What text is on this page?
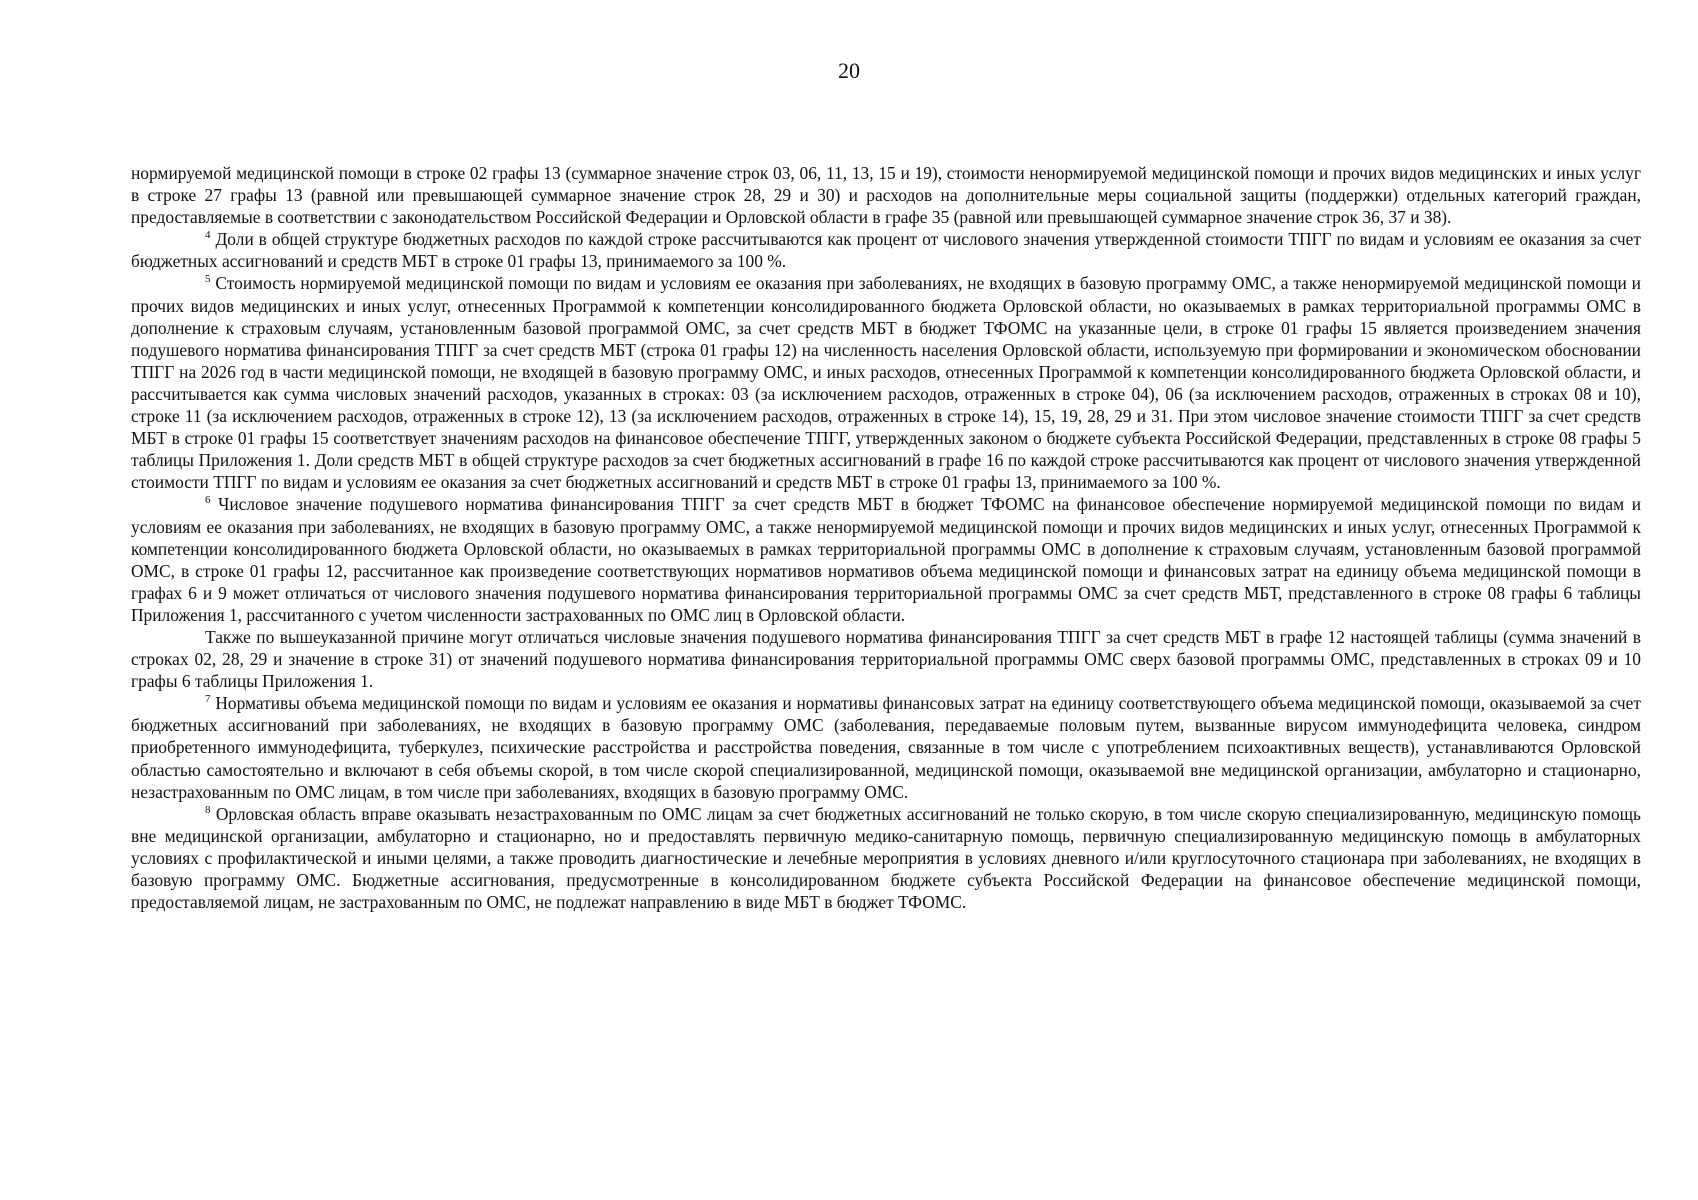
20

нормируемой медицинской помощи в строке 02 графы 13 (суммарное значение строк 03, 06, 11, 13, 15 и 19), стоимости ненормируемой медицинской помощи и прочих видов медицинских и иных услуг в строке 27 графы 13 (равной или превышающей суммарное значение строк 28, 29 и 30) и расходов на дополнительные меры социальной защиты (поддержки) отдельных категорий граждан, предоставляемые в соответствии с законодательством Российской Федерации и Орловской области в графе 35 (равной или превышающей суммарное значение строк 36, 37 и 38).

$^4$ Доли в общей структуре бюджетных расходов по каждой строке рассчитываются как процент от числового значения утвержденной стоимости ТПГГ по видам и условиям ее оказания за счет бюджетных ассигнований и средств МБТ в строке 01 графы 13, принимаемого за 100 %.

$^5$ Стоимость нормируемой медицинской помощи по видам и условиям ее оказания при заболеваниях, не входящих в базовую программу ОМС, а также ненормируемой медицинской помощи и прочих видов медицинских и иных услуг, отнесенных Программой к компетенции консолидированного бюджета Орловской области, но оказываемых в рамках территориальной программы ОМС в дополнение к страховым случаям, установленным базовой программой ОМС, за счет средств МБТ в бюджет ТФОМС на указанные цели, в строке 01 графы 15 является произведением значения подушевого норматива финансирования ТПГГ за счет средств МБТ (строка 01 графы 12) на численность населения Орловской области, используемую при формировании и экономическом обосновании ТПГГ на 2026 год в части медицинской помощи, не входящей в базовую программу ОМС, и иных расходов, отнесенных Программой к компетенции консолидированного бюджета Орловской области, и рассчитывается как сумма числовых значений расходов, указанных в строках: 03 (за исключением расходов, отраженных в строке 04), 06 (за исключением расходов, отраженных в строках 08 и 10), строке 11 (за исключением расходов, отраженных в строке 12), 13 (за исключением расходов, отраженных в строке 14), 15, 19, 28, 29 и 31. При этом числовое значение стоимости ТПГГ за счет средств МБТ в строке 01 графы 15 соответствует значениям расходов на финансовое обеспечение ТПГГ, утвержденных законом о бюджете субъекта Российской Федерации, представленных в строке 08 графы 5 таблицы Приложения 1. Доли средств МБТ в общей структуре расходов за счет бюджетных ассигнований в графе 16 по каждой строке рассчитываются как процент от числового значения утвержденной стоимости ТПГГ по видам и условиям ее оказания за счет бюджетных ассигнований и средств МБТ в строке 01 графы 13, принимаемого за 100 %.

$^6$ Числовое значение подушевого норматива финансирования ТПГГ за счет средств МБТ в бюджет ТФОМС на финансовое обеспечение нормируемой медицинской помощи по видам и условиям ее оказания при заболеваниях, не входящих в базовую программу ОМС, а также ненормируемой медицинской помощи и прочих видов медицинских и иных услуг, отнесенных Программой к компетенции консолидированного бюджета Орловской области, но оказываемых в рамках территориальной программы ОМС в дополнение к страховым случаям, установленным базовой программой ОМС, в строке 01 графы 12, рассчитанное как произведение соответствующих нормативов нормативов объема медицинской помощи и финансовых затрат на единицу объема медицинской помощи в графах 6 и 9 может отличаться от числового значения подушевого норматива финансирования территориальной программы ОМС за счет средств МБТ, представленного в строке 08 графы 6 таблицы Приложения 1, рассчитанного с учетом численности застрахованных по ОМС лиц в Орловской области.

Также по вышеуказанной причине могут отличаться числовые значения подушевого норматива финансирования ТПГГ за счет средств МБТ в графе 12 настоящей таблицы (сумма значений в строках 02, 28, 29 и значение в строке 31) от значений подушевого норматива финансирования территориальной программы ОМС сверх базовой программы ОМС, представленных в строках 09 и 10 графы 6 таблицы Приложения 1.

$^7$ Нормативы объема медицинской помощи по видам и условиям ее оказания и нормативы финансовых затрат на единицу соответствующего объема медицинской помощи, оказываемой за счет бюджетных ассигнований при заболеваниях, не входящих в базовую программу ОМС (заболевания, передаваемые половым путем, вызванные вирусом иммунодефицита человека, синдром приобретенного иммунодефицита, туберкулез, психические расстройства и расстройства поведения, связанные в том числе с употреблением психоактивных веществ), устанавливаются Орловской областью самостоятельно и включают в себя объемы скорой, в том числе скорой специализированной, медицинской помощи, оказываемой вне медицинской организации, амбулаторно и стационарно, незастрахованным по ОМС лицам, в том числе при заболеваниях, входящих в базовую программу ОМС.

$^8$ Орловская область вправе оказывать незастрахованным по ОМС лицам за счет бюджетных ассигнований не только скорую, в том числе скорую специализированную, медицинскую помощь вне медицинской организации, амбулаторно и стационарно, но и предоставлять первичную медико-санитарную помощь, первичную специализированную медицинскую помощь в амбулаторных условиях с профилактической и иными целями, а также проводить диагностические и лечебные мероприятия в условиях дневного и/или круглосуточного стационара при заболеваниях, не входящих в базовую программу ОМС. Бюджетные ассигнования, предусмотренные в консолидированном бюджете субъекта Российской Федерации на финансовое обеспечение медицинской помощи, предоставляемой лицам, не застрахованным по ОМС, не подлежат направлению в виде МБТ в бюджет ТФОМС.
